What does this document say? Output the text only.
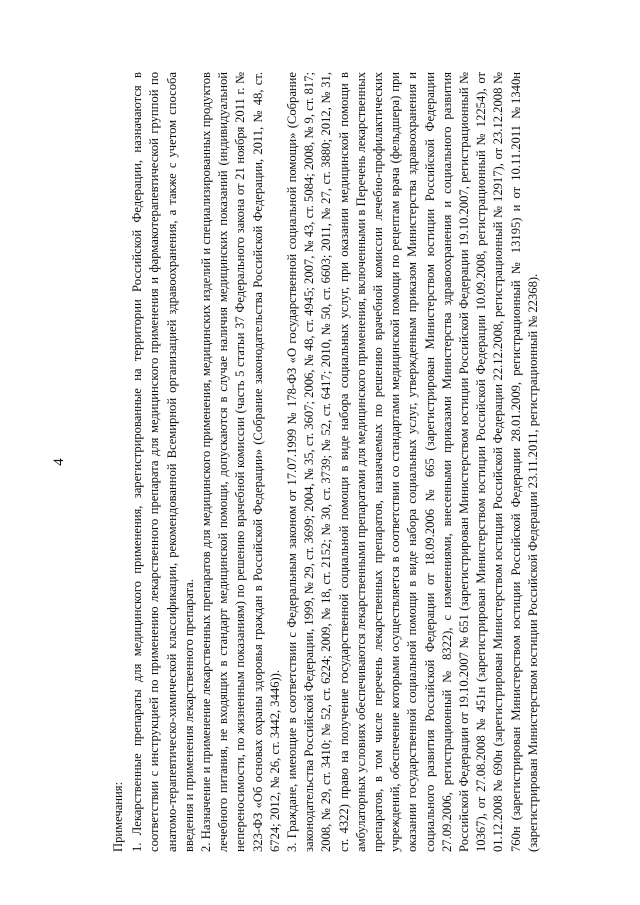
4

Примечания: 1. Лекарственные препараты для медицинского применения, зарегистрированные на территории Российской Федерации, назначаются в соответствии с инструкцией по применению лекарственного препарата для медицинского применения и фармакотерапевтической группой по анатомо-терапевтическо-химической классификации, рекомендованной Всемирной организацией здравоохранения, а также с учетом способа введения и применения лекарственного препарата. 2. Назначение и применение лекарственных препаратов для медицинского применения, медицинских изделий и специализированных продуктов лечебного питания, не входящих в стандарт медицинской помощи, допускаются в случае наличия медицинских показаний (индивидуальной непереносимости, по жизненным показаниям) по решению врачебной комиссии (часть 5 статьи 37 Федерального закона от 21 ноября 2011 г. № 323-ФЗ «Об основах охраны здоровья граждан в Российской Федерации» (Собрание законодательства Российской Федерации, 2011, № 48, ст. 6724; 2012, № 26, ст. 3442, 3446)). 3. Граждане, имеющие в соответствии с Федеральным законом от 17.07.1999 № 178-ФЗ «О государственной социальной помощи» (Собрание законодательства Российской Федерации, 1999, № 29, ст. 3699; 2004, № 35, ст. 3607; 2006, № 48, ст. 4945; 2007, № 43, ст. 5084; 2008, № 9, ст. 817; 2008, № 29, ст. 3410; № 52, ст. 6224; 2009, № 18, ст. 2152; № 30, ст. 3739; № 52, ст. 6417; 2010, № 50, ст. 6603; 2011, № 27, ст. 3880; 2012, № 31, ст. 4322) право на получение государственной социальной помощи в виде набора социальных услуг, при оказании медицинской помощи в амбулаторных условиях обеспечиваются лекарственными препаратами для медицинского применения, включенными в Перечень лекарственных препаратов, в том числе перечень лекарственных препаратов, назначаемых по решению врачебной комиссии лечебно-профилактических учреждений, обеспечение которыми осуществляется в соответствии со стандартами медицинской помощи по рецептам врача (фельдшера) при оказании государственной социальной помощи в виде набора социальных услуг, утвержденным приказом Министерства здравоохранения и социального развития Российской Федерации от 18.09.2006 № 665 (зарегистрирован Министерством юстиции Российской Федерации 27.09.2006, регистрационный № 8322), с изменениями, внесенными приказами Министерства здравоохранения и социального развития Российской Федерации от 19.10.2007 № 651 (зарегистрирован Министерством юстиции Российской Федерации 19.10.2007, регистрационный № 10367), от 27.08.2008 № 451н (зарегистрирован Министерством юстиции Российской Федерации 10.09.2008, регистрационный № 12254), от 01.12.2008 № 690н (зарегистрирован Министерством юстиции Российской Федерации 22.12.2008, регистрационный № 12917), от 23.12.2008 № 760н (зарегистрирован Министерством юстиции Российской Федерации 28.01.2009, регистрационный № 13195) и от 10.11.2011 №1340н (зарегистрирован Министерством юстиции Российской Федерации 23.11.2011, регистрационный № 22368).
